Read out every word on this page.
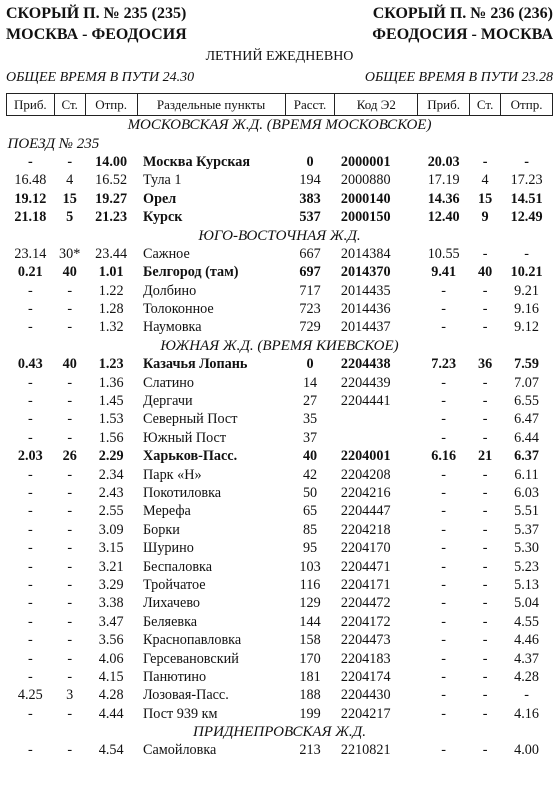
СКОРЫЙ П. № 235 (235)	СКОРЫЙ П. № 236 (236)
МОСКВА - ФЕОДОСИЯ	ФЕОДОСИЯ - МОСКВА
ЛЕТНИЙ ЕЖЕДНЕВНО
ОБЩЕЕ ВРЕМЯ В ПУТИ 24.30	ОБЩЕЕ ВРЕМЯ В ПУТИ 23.28
Приб.	Ст.	Отпр.	Раздельные пункты	Расст.	Код Э2	Приб.	Ст.	Отпр.
МОСКОВСКАЯ Ж.Д. (ВРЕМЯ МОСКОВСКОЕ)								
ПОЕЗД № 235								
-	-	14.00	Москва Курская	0	2000001	20.03	-	-
16.48	4	16.52	Тула 1	194	2000880	17.19	4	17.23
19.12	15	19.27	Орел	383	2000140	14.36	15	14.51
21.18	5	21.23	Курск	537	2000150	12.40	9	12.49
ЮГО-ВОСТОЧНАЯ Ж.Д.								
23.14	30*	23.44	Сажное	667	2014384	10.55	-	-
0.21	40	1.01	Белгород (там)	697	2014370	9.41	40	10.21
-	-	1.22	Долбино	717	2014435	-	-	9.21
-	-	1.28	Толоконное	723	2014436	-	-	9.16
-	-	1.32	Наумовка	729	2014437	-	-	9.12
ЮЖНАЯ Ж.Д. (ВРЕМЯ КИЕВСКОЕ)								
0.43	40	1.23	Казачья Лопань	0	2204438	7.23	36	7.59
-	-	1.36	Слатино	14	2204439	-	-	7.07
-	-	1.45	Дергачи	27	2204441	-	-	6.55
-	-	1.53	Северный Пост	35		-	-	6.47
-	-	1.56	Южный Пост	37		-	-	6.44
2.03	26	2.29	Харьков-Пасс.	40	2204001	6.16	21	6.37
-	-	2.34	Парк «Н»	42	2204208	-	-	6.11
-	-	2.43	Покотиловка	50	2204216	-	-	6.03
-	-	2.55	Мерефа	65	2204447	-	-	5.51
-	-	3.09	Борки	85	2204218	-	-	5.37
-	-	3.15	Шурино	95	2204170	-	-	5.30
-	-	3.21	Беспаловка	103	2204471	-	-	5.23
-	-	3.29	Тройчатое	116	2204171	-	-	5.13
-	-	3.38	Лихачево	129	2204472	-	-	5.04
-	-	3.47	Беляевка	144	2204172	-	-	4.55
-	-	3.56	Краснопавловка	158	2204473	-	-	4.46
-	-	4.06	Герсевановский	170	2204183	-	-	4.37
-	-	4.15	Панютино	181	2204174	-	-	4.28
4.25	3	4.28	Лозовая-Пасс.	188	2204430	-	-	-
-	-	4.44	Пост 939 км	199	2204217	-	-	4.16
ПРИДНЕПРОВСКАЯ Ж.Д.								
-	-	4.54	Самойловка	213	2210821	-	-	4.00
